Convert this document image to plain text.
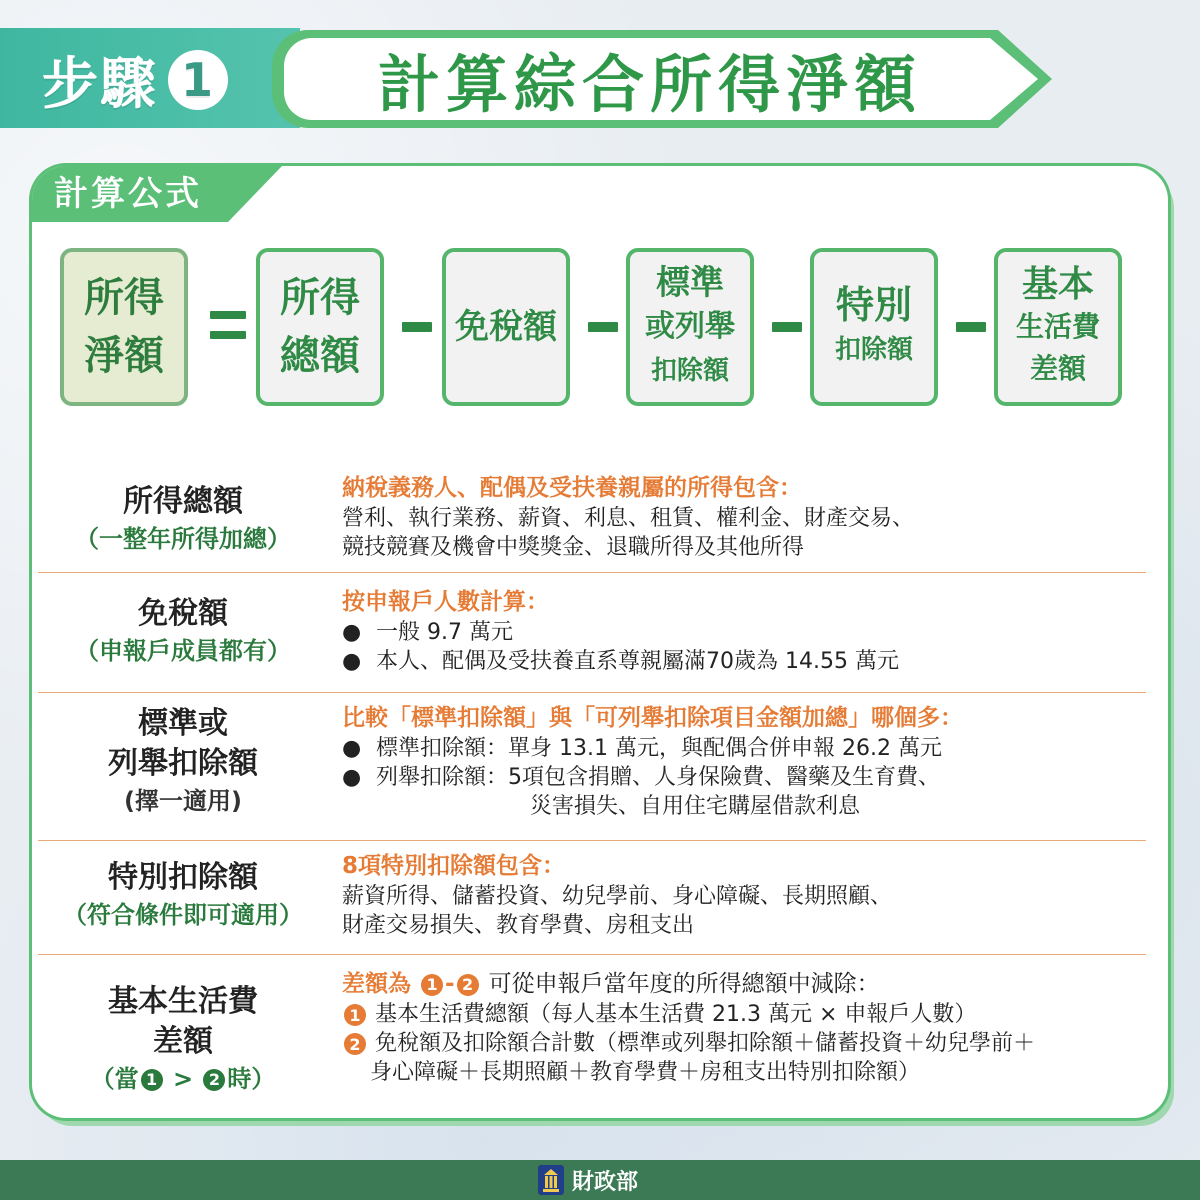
步驟 1	計算綜合所得淨額
計算公式
所得
淨額
所得
總額
免稅額
標準
或列舉
扣除額
特別
扣除額
基本
生活費
差額
所得總額
（一整年所得加總）
納稅義務人、配偶及受扶養親屬的所得包含：
營利、執行業務、薪資、利息、租賃、權利金、財產交易、
競技競賽及機會中獎獎金、退職所得及其他所得
免稅額
（申報戶成員都有）
按申報戶人數計算：
● 一般 9.7 萬元
● 本人、配偶及受扶養直系尊親屬滿70歲為 14.55 萬元
標準或
列舉扣除額
(擇一適用)
比較「標準扣除額」與「可列舉扣除項目金額加總」哪個多：
● 標準扣除額：單身 13.1 萬元，與配偶合併申報 26.2 萬元
● 列舉扣除額：5項包含捐贈、人身保險費、醫藥及生育費、
災害損失、自用住宅購屋借款利息
特別扣除額
（符合條件即可適用）
8項特別扣除額包含：
薪資所得、儲蓄投資、幼兒學前、身心障礙、長期照顧、
財產交易損失、教育學費、房租支出
基本生活費
差額
（當 1 > 2 時）
差額為 1 - 2 可從申報戶當年度的所得總額中減除：
1 基本生活費總額（每人基本生活費 21.3 萬元 × 申報戶人數）
2 免稅額及扣除額合計數（標準或列舉扣除額＋儲蓄投資＋幼兒學前＋
身心障礙＋長期照顧＋教育學費＋房租支出特別扣除額）
財政部
